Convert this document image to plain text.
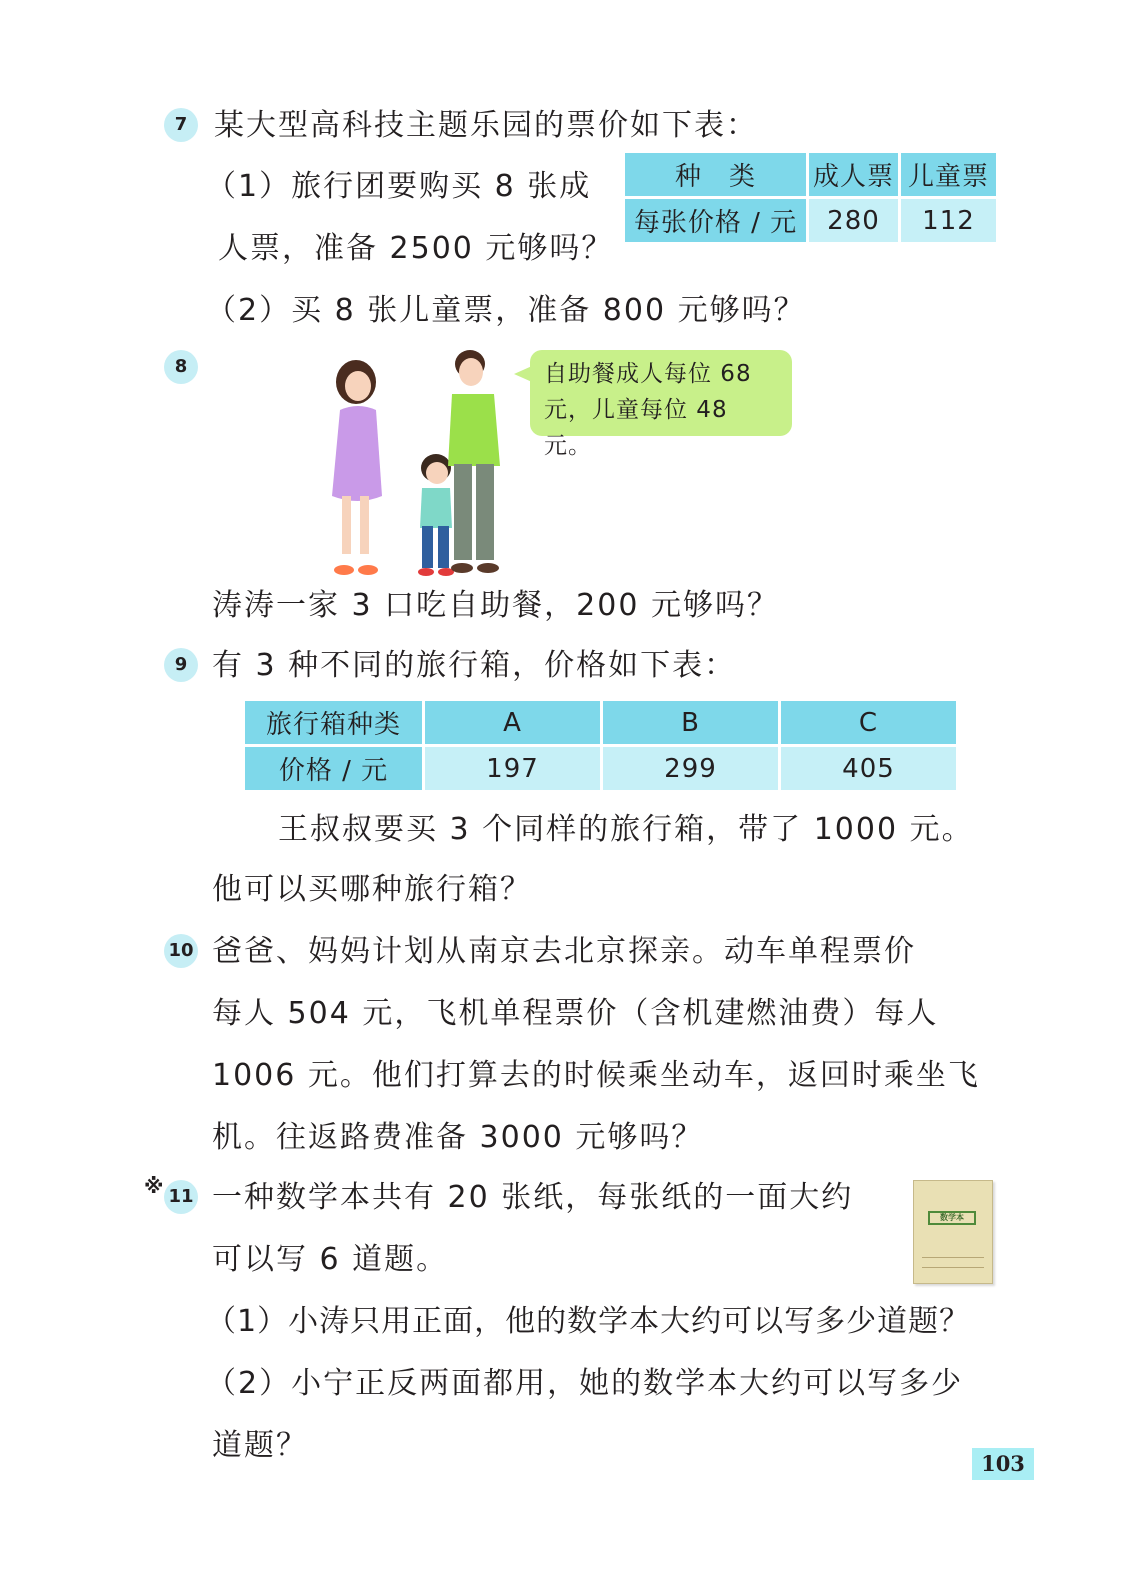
7 某大型高科技主题乐园的票价如下表：
（1）旅行团要购买 8 张成
人票，准备 2500 元够吗？
（2）买 8 张儿童票，准备 800 元够吗？
种　类	成人票	儿童票
每张价格 / 元	280	112
8	自助餐成人每位 68
元，儿童每位 48 元。
涛涛一家 3 口吃自助餐，200 元够吗？
9 有 3 种不同的旅行箱，价格如下表：
旅行箱种类	A	B	C
价格 / 元	197	299	405
王叔叔要买 3 个同样的旅行箱，带了 1000 元。
他可以买哪种旅行箱？
10 爸爸、妈妈计划从南京去北京探亲。动车单程票价
每人 504 元，飞机单程票价（含机建燃油费）每人
1006 元。他们打算去的时候乘坐动车，返回时乘坐飞
机。往返路费准备 3000 元够吗？
※ 11 一种数学本共有 20 张纸，每张纸的一面大约
可以写 6 道题。
数学本
（1）小涛只用正面，他的数学本大约可以写多少道题？
（2）小宁正反两面都用，她的数学本大约可以写多少
道题？
103
